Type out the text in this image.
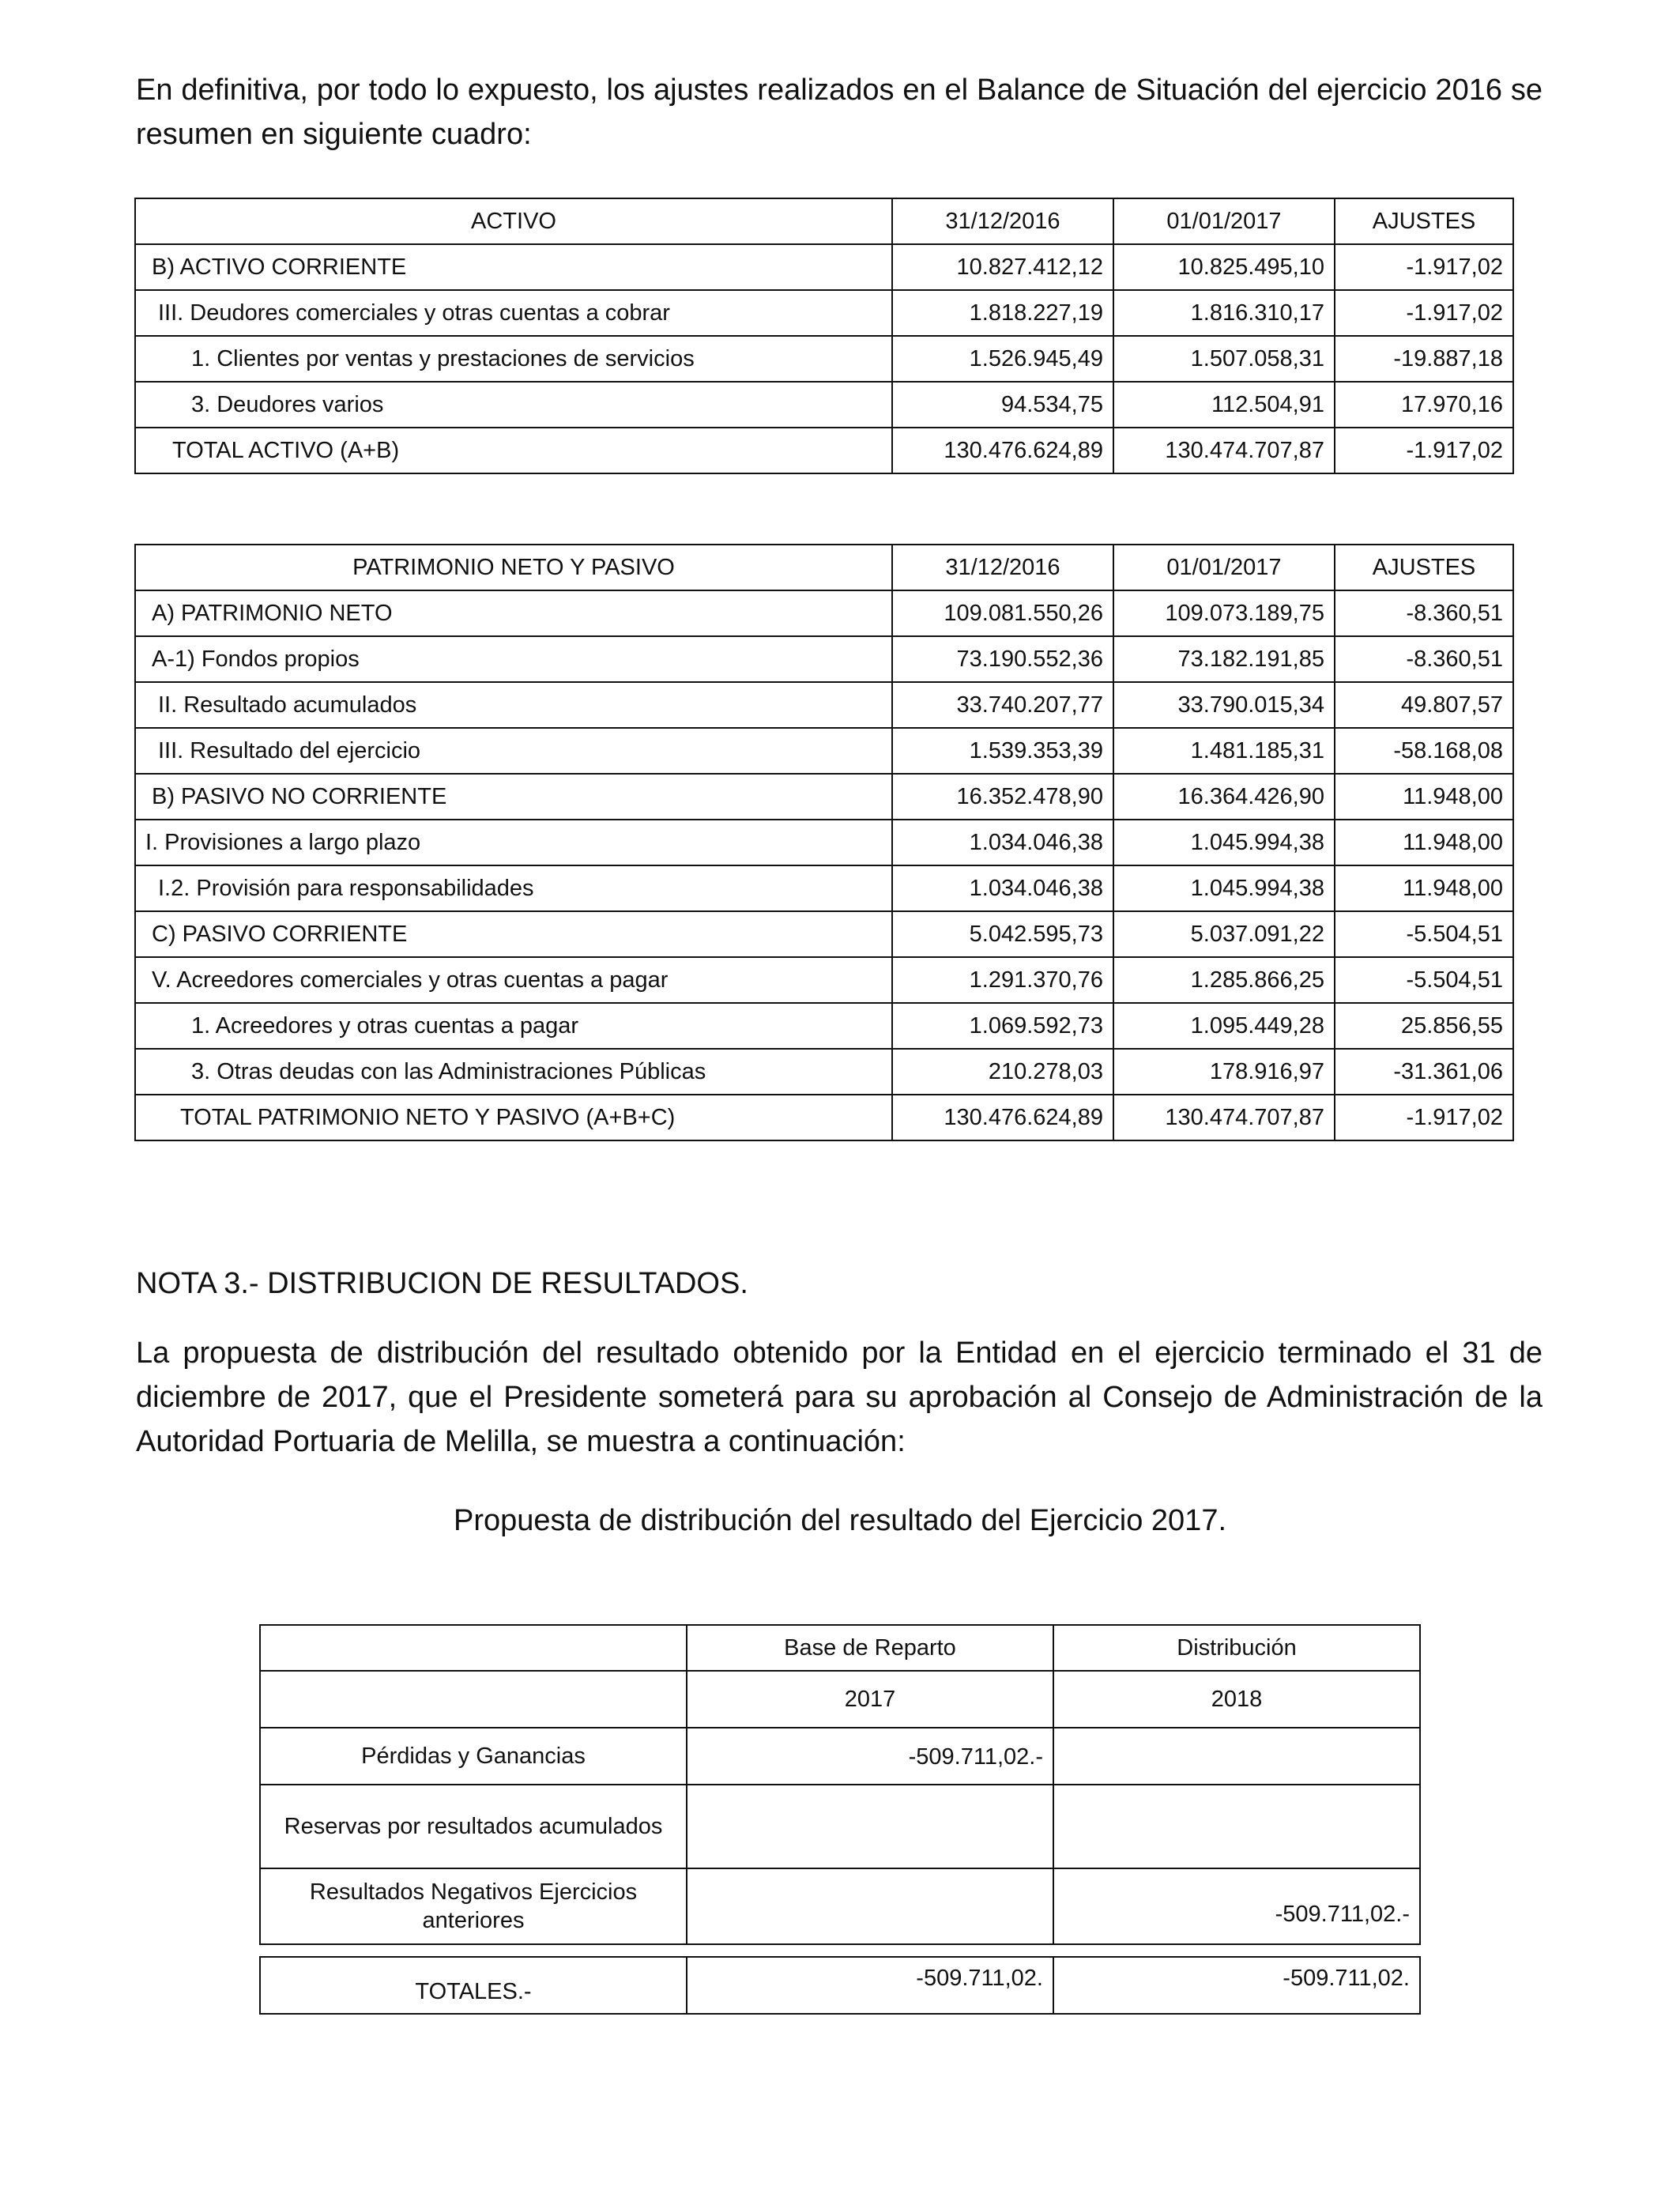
En definitiva, por todo lo expuesto, los ajustes realizados en el Balance de Situación del ejercicio 2016 se resumen en siguiente cuadro:

ACTIVO	31/12/2016	01/01/2017	AJUSTES
B) ACTIVO CORRIENTE	10.827.412,12	10.825.495,10	-1.917,02
III. Deudores comerciales y otras cuentas a cobrar	1.818.227,19	1.816.310,17	-1.917,02
1. Clientes por ventas y prestaciones de servicios	1.526.945,49	1.507.058,31	-19.887,18
3. Deudores varios	94.534,75	112.504,91	17.970,16
TOTAL ACTIVO (A+B)	130.476.624,89	130.474.707,87	-1.917,02
PATRIMONIO NETO Y PASIVO	31/12/2016	01/01/2017	AJUSTES
A) PATRIMONIO NETO	109.081.550,26	109.073.189,75	-8.360,51
A-1) Fondos propios	73.190.552,36	73.182.191,85	-8.360,51
II. Resultado acumulados	33.740.207,77	33.790.015,34	49.807,57
III. Resultado del ejercicio	1.539.353,39	1.481.185,31	-58.168,08
B) PASIVO NO CORRIENTE	16.352.478,90	16.364.426,90	11.948,00
I. Provisiones a largo plazo	1.034.046,38	1.045.994,38	11.948,00
I.2. Provisión para responsabilidades	1.034.046,38	1.045.994,38	11.948,00
C) PASIVO CORRIENTE	5.042.595,73	5.037.091,22	-5.504,51
V. Acreedores comerciales y otras cuentas a pagar	1.291.370,76	1.285.866,25	-5.504,51
1. Acreedores y otras cuentas a pagar	1.069.592,73	1.095.449,28	25.856,55
3. Otras deudas con las Administraciones Públicas	210.278,03	178.916,97	-31.361,06
TOTAL PATRIMONIO NETO Y PASIVO (A+B+C)	130.476.624,89	130.474.707,87	-1.917,02
NOTA 3.- DISTRIBUCION DE RESULTADOS.

La propuesta de distribución del resultado obtenido por la Entidad en el ejercicio terminado el 31 de diciembre de 2017, que el Presidente someterá para su aprobación al Consejo de Administración de la Autoridad Portuaria de Melilla, se muestra a continuación:

Propuesta de distribución del resultado del Ejercicio 2017.

	Base de Reparto	Distribución
	2017	2018
Pérdidas y Ganancias	-509.711,02.-	
Reservas por resultados acumulados		
Resultados Negativos Ejercicios anteriores		-509.711,02.-
TOTALES.-	-509.711,02.	-509.711,02.
